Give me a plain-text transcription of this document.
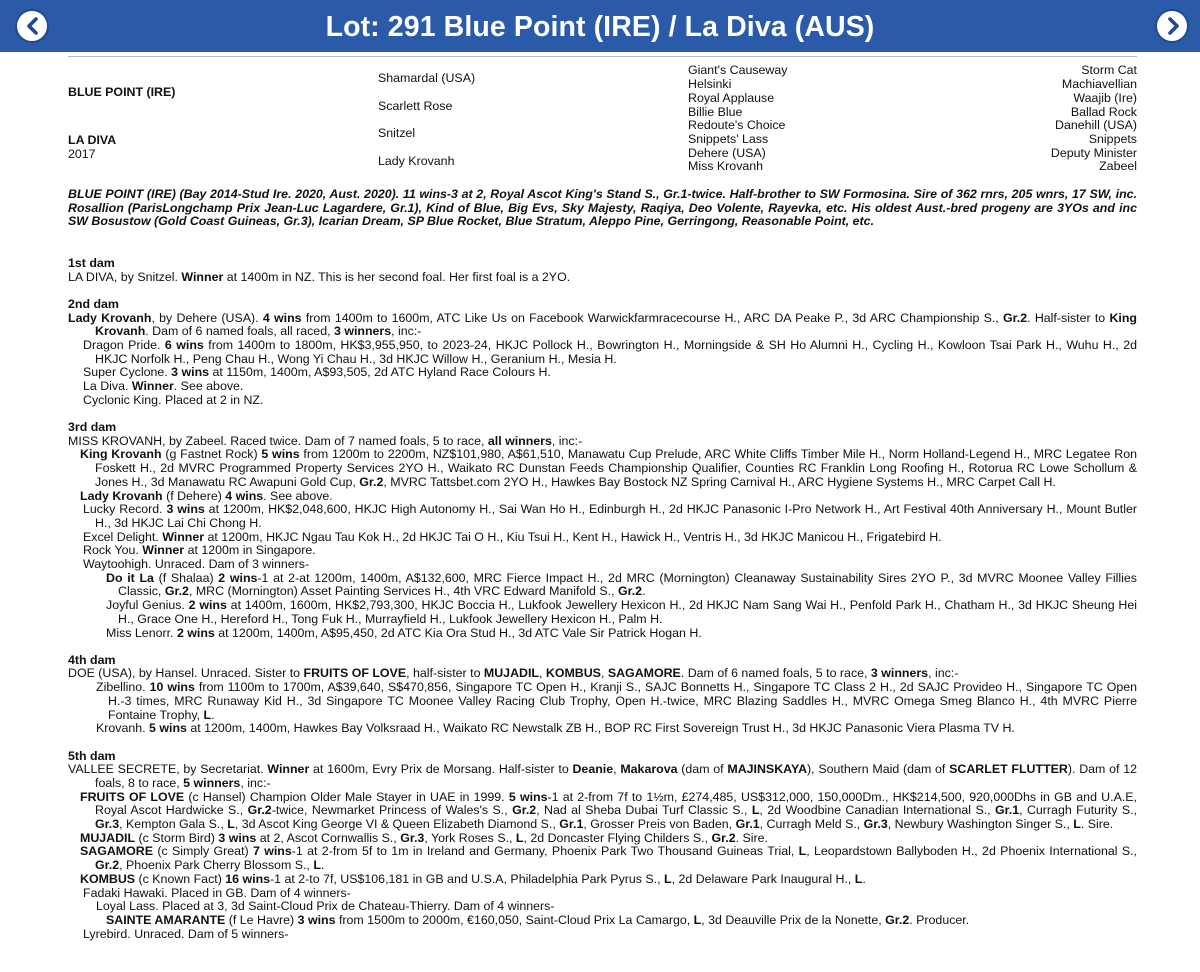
Lot: 291 Blue Point (IRE) / La Diva (AUS)
BLUE POINT (IRE)
LA DIVA
2017
Shamardal (USA)
Scarlett Rose
Snitzel
Lady Krovanh
Giant's Causeway
Helsinki
Royal Applause
Billie Blue
Redoute's Choice
Snippets' Lass
Dehere (USA)
Miss Krovanh
Storm Cat
Machiavellian
Waajib (Ire)
Ballad Rock
Danehill (USA)
Snippets
Deputy Minister
Zabeel
BLUE POINT (IRE) (Bay 2014-Stud Ire. 2020, Aust. 2020). 11 wins-3 at 2, Royal Ascot King's Stand S., Gr.1-twice. Half-brother to SW Formosina. Sire of 362 rnrs, 205 wnrs, 17 SW, inc. Rosallion (ParisLongchamp Prix Jean-Luc Lagardere, Gr.1), Kind of Blue, Big Evs, Sky Majesty, Raqiya, Deo Volente, Rayevka, etc. His oldest Aust.-bred progeny are 3YOs and inc SW Bosustow (Gold Coast Guineas, Gr.3), Icarian Dream, SP Blue Rocket, Blue Stratum, Aleppo Pine, Gerringong, Reasonable Point, etc.
1st dam
LA DIVA, by Snitzel. Winner at 1400m in NZ. This is her second foal. Her first foal is a 2YO.
2nd dam
Lady Krovanh, by Dehere (USA). 4 wins from 1400m to 1600m, ATC Like Us on Facebook Warwickfarmracecourse H., ARC DA Peake P., 3d ARC Championship S., Gr.2. Half-sister to King Krovanh. Dam of 6 named foals, all raced, 3 winners, inc:-
Dragon Pride. 6 wins from 1400m to 1800m, HK$3,955,950, to 2023-24, HKJC Pollock H., Bowrington H., Morningside & SH Ho Alumni H., Cycling H., Kowloon Tsai Park H., Wuhu H., 2d HKJC Norfolk H., Peng Chau H., Wong Yi Chau H., 3d HKJC Willow H., Geranium H., Mesia H.
Super Cyclone. 3 wins at 1150m, 1400m, A$93,505, 2d ATC Hyland Race Colours H.
La Diva. Winner. See above.
Cyclonic King. Placed at 2 in NZ.
3rd dam
MISS KROVANH, by Zabeel. Raced twice. Dam of 7 named foals, 5 to race, all winners, inc:-
King Krovanh (g Fastnet Rock) 5 wins from 1200m to 2200m, NZ$101,980, A$61,510, Manawatu Cup Prelude, ARC White Cliffs Timber Mile H., Norm Holland-Legend H., MRC Legatee Ron Foskett H., 2d MVRC Programmed Property Services 2YO H., Waikato RC Dunstan Feeds Championship Qualifier, Counties RC Franklin Long Roofing H., Rotorua RC Lowe Schollum & Jones H., 3d Manawatu RC Awapuni Gold Cup, Gr.2, MVRC Tattsbet.com 2YO H., Hawkes Bay Bostock NZ Spring Carnival H., ARC Hygiene Systems H., MRC Carpet Call H.
Lady Krovanh (f Dehere) 4 wins. See above.
Lucky Record. 3 wins at 1200m, HK$2,048,600, HKJC High Autonomy H., Sai Wan Ho H., Edinburgh H., 2d HKJC Panasonic I-Pro Network H., Art Festival 40th Anniversary H., Mount Butler H., 3d HKJC Lai Chi Chong H.
Excel Delight. Winner at 1200m, HKJC Ngau Tau Kok H., 2d HKJC Tai O H., Kiu Tsui H., Kent H., Hawick H., Ventris H., 3d HKJC Manicou H., Frigatebird H.
Rock You. Winner at 1200m in Singapore.
Waytoohigh. Unraced. Dam of 3 winners-
Do it La (f Shalaa) 2 wins-1 at 2-at 1200m, 1400m, A$132,600, MRC Fierce Impact H., 2d MRC (Mornington) Cleanaway Sustainability Sires 2YO P., 3d MVRC Moonee Valley Fillies Classic, Gr.2, MRC (Mornington) Asset Painting Services H., 4th VRC Edward Manifold S., Gr.2.
Joyful Genius. 2 wins at 1400m, 1600m, HK$2,793,300, HKJC Boccia H., Lukfook Jewellery Hexicon H., 2d HKJC Nam Sang Wai H., Penfold Park H., Chatham H., 3d HKJC Sheung Hei H., Grace One H., Hereford H., Tong Fuk H., Murrayfield H., Lukfook Jewellery Hexicon H., Palm H.
Miss Lenorr. 2 wins at 1200m, 1400m, A$95,450, 2d ATC Kia Ora Stud H., 3d ATC Vale Sir Patrick Hogan H.
4th dam
DOE (USA), by Hansel. Unraced. Sister to FRUITS OF LOVE, half-sister to MUJADIL, KOMBUS, SAGAMORE. Dam of 6 named foals, 5 to race, 3 winners, inc:-
Zibellino. 10 wins from 1100m to 1700m, A$39,640, S$470,856, Singapore TC Open H., Kranji S., SAJC Bonnetts H., Singapore TC Class 2 H., 2d SAJC Provideo H., Singapore TC Open H.-3 times, MRC Runaway Kid H., 3d Singapore TC Moonee Valley Racing Club Trophy, Open H.-twice, MRC Blazing Saddles H., MVRC Omega Smeg Blanco H., 4th MVRC Pierre Fontaine Trophy, L.
Krovanh. 5 wins at 1200m, 1400m, Hawkes Bay Volksraad H., Waikato RC Newstalk ZB H., BOP RC First Sovereign Trust H., 3d HKJC Panasonic Viera Plasma TV H.
5th dam
VALLEE SECRETE, by Secretariat. Winner at 1600m, Evry Prix de Morsang. Half-sister to Deanie, Makarova (dam of MAJINSKAYA), Southern Maid (dam of SCARLET FLUTTER). Dam of 12 foals, 8 to race, 5 winners, inc:-
FRUITS OF LOVE (c Hansel) Champion Older Male Stayer in UAE in 1999. 5 wins-1 at 2-from 7f to 1½m, £274,485, US$312,000, 150,000Dm., HK$214,500, 920,000Dhs in GB and U.A.E, Royal Ascot Hardwicke S., Gr.2-twice, Newmarket Princess of Wales's S., Gr.2, Nad al Sheba Dubai Turf Classic S., L, 2d Woodbine Canadian International S., Gr.1, Curragh Futurity S., Gr.3, Kempton Gala S., L, 3d Ascot King George VI & Queen Elizabeth Diamond S., Gr.1, Grosser Preis von Baden, Gr.1, Curragh Meld S., Gr.3, Newbury Washington Singer S., L. Sire.
MUJADIL (c Storm Bird) 3 wins at 2, Ascot Cornwallis S., Gr.3, York Roses S., L, 2d Doncaster Flying Childers S., Gr.2. Sire.
SAGAMORE (c Simply Great) 7 wins-1 at 2-from 5f to 1m in Ireland and Germany, Phoenix Park Two Thousand Guineas Trial, L, Leopardstown Ballyboden H., 2d Phoenix International S., Gr.2, Phoenix Park Cherry Blossom S., L.
KOMBUS (c Known Fact) 16 wins-1 at 2-to 7f, US$106,181 in GB and U.S.A, Philadelphia Park Pyrus S., L, 2d Delaware Park Inaugural H., L.
Fadaki Hawaki. Placed in GB. Dam of 4 winners-
Loyal Lass. Placed at 3, 3d Saint-Cloud Prix de Chateau-Thierry. Dam of 4 winners-
SAINTE AMARANTE (f Le Havre) 3 wins from 1500m to 2000m, €160,050, Saint-Cloud Prix La Camargo, L, 3d Deauville Prix de la Nonette, Gr.2. Producer.
Lyrebird. Unraced. Dam of 5 winners-
